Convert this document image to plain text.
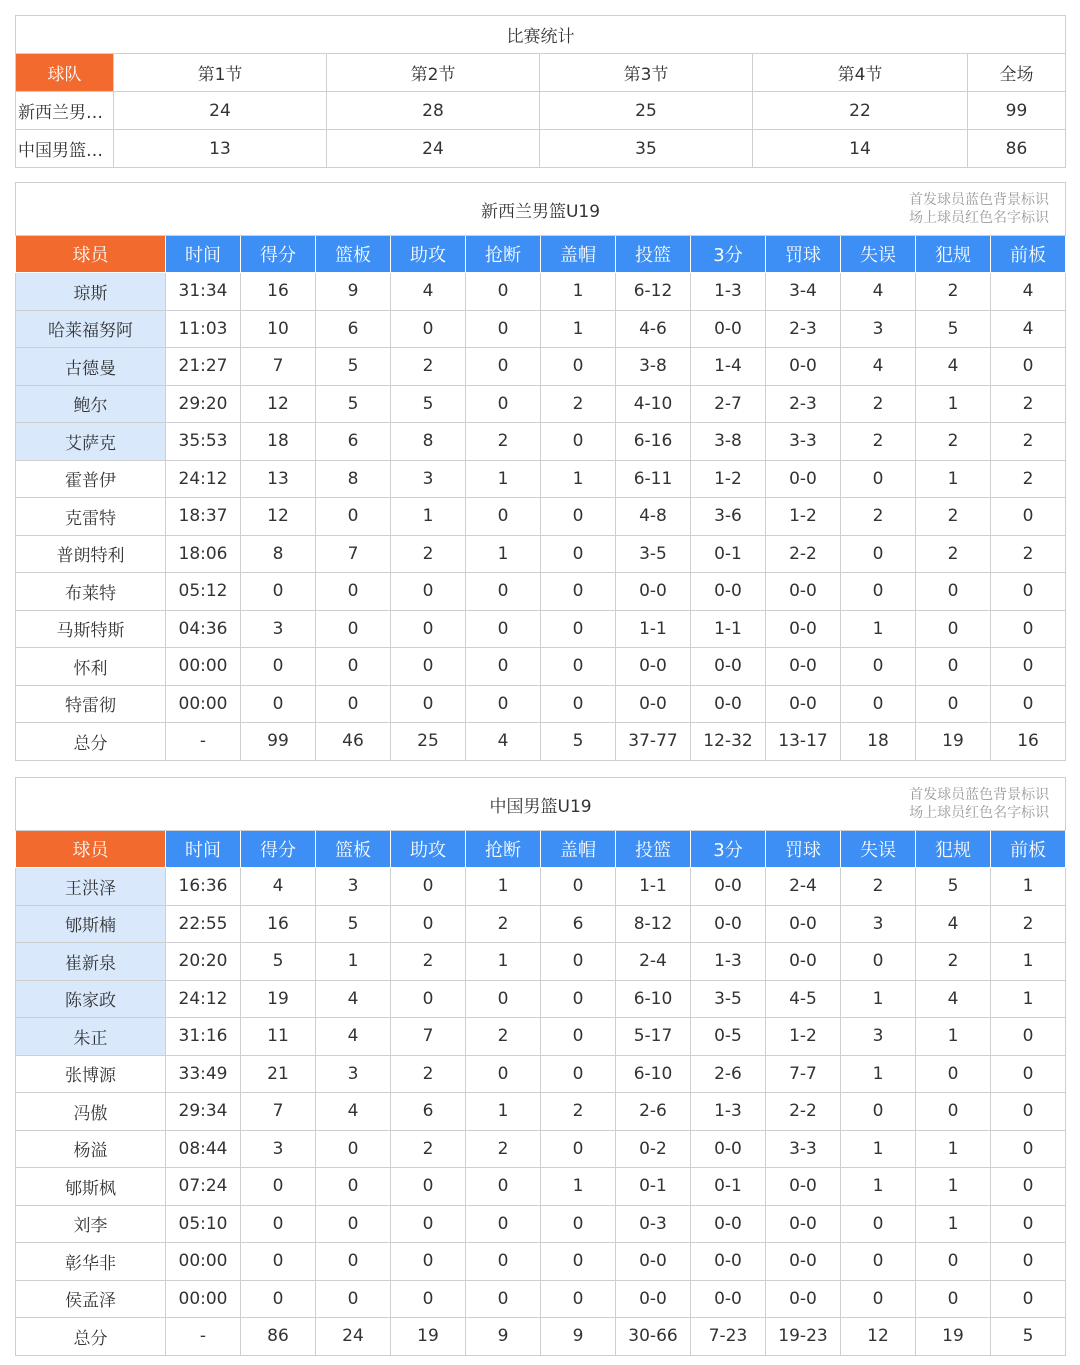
比赛统计					
球队	第1节	第2节	第3节	第4节	全场
新西兰男…	24	28	25	22	99
中国男篮…	13	24	35	14	86
新西兰男篮U19
首发球员蓝色背景标识
场上球员红色名字标识												

球员	时间	得分	篮板	助攻	抢断	盖帽	投篮	3分	罚球	失误	犯规	前板
琼斯	31:34	16	9	4	0	1	6-12	1-3	3-4	4	2	4
哈莱福努阿	11:03	10	6	0	0	1	4-6	0-0	2-3	3	5	4
古德曼	21:27	7	5	2	0	0	3-8	1-4	0-0	4	4	0
鲍尔	29:20	12	5	5	0	2	4-10	2-7	2-3	2	1	2
艾萨克	35:53	18	6	8	2	0	6-16	3-8	3-3	2	2	2
霍普伊	24:12	13	8	3	1	1	6-11	1-2	0-0	0	1	2
克雷特	18:37	12	0	1	0	0	4-8	3-6	1-2	2	2	0
普朗特利	18:06	8	7	2	1	0	3-5	0-1	2-2	0	2	2
布莱特	05:12	0	0	0	0	0	0-0	0-0	0-0	0	0	0
马斯特斯	04:36	3	0	0	0	0	1-1	1-1	0-0	1	0	0
怀利	00:00	0	0	0	0	0	0-0	0-0	0-0	0	0	0
特雷彻	00:00	0	0	0	0	0	0-0	0-0	0-0	0	0	0
总分	-	99	46	25	4	5	37-77	12-32	13-17	18	19	16
中国男篮U19
首发球员蓝色背景标识
场上球员红色名字标识												

球员	时间	得分	篮板	助攻	抢断	盖帽	投篮	3分	罚球	失误	犯规	前板
王洪泽	16:36	4	3	0	1	0	1-1	0-0	2-4	2	5	1
郇斯楠	22:55	16	5	0	2	6	8-12	0-0	0-0	3	4	2
崔新泉	20:20	5	1	2	1	0	2-4	1-3	0-0	0	2	1
陈家政	24:12	19	4	0	0	0	6-10	3-5	4-5	1	4	1
朱正	31:16	11	4	7	2	0	5-17	0-5	1-2	3	1	0
张博源	33:49	21	3	2	0	0	6-10	2-6	7-7	1	0	0
冯傲	29:34	7	4	6	1	2	2-6	1-3	2-2	0	0	0
杨溢	08:44	3	0	2	2	0	0-2	0-0	3-3	1	1	0
郇斯枫	07:24	0	0	0	0	1	0-1	0-1	0-0	1	1	0
刘李	05:10	0	0	0	0	0	0-3	0-0	0-0	0	1	0
彰华非	00:00	0	0	0	0	0	0-0	0-0	0-0	0	0	0
侯孟泽	00:00	0	0	0	0	0	0-0	0-0	0-0	0	0	0
总分	-	86	24	19	9	9	30-66	7-23	19-23	12	19	5
